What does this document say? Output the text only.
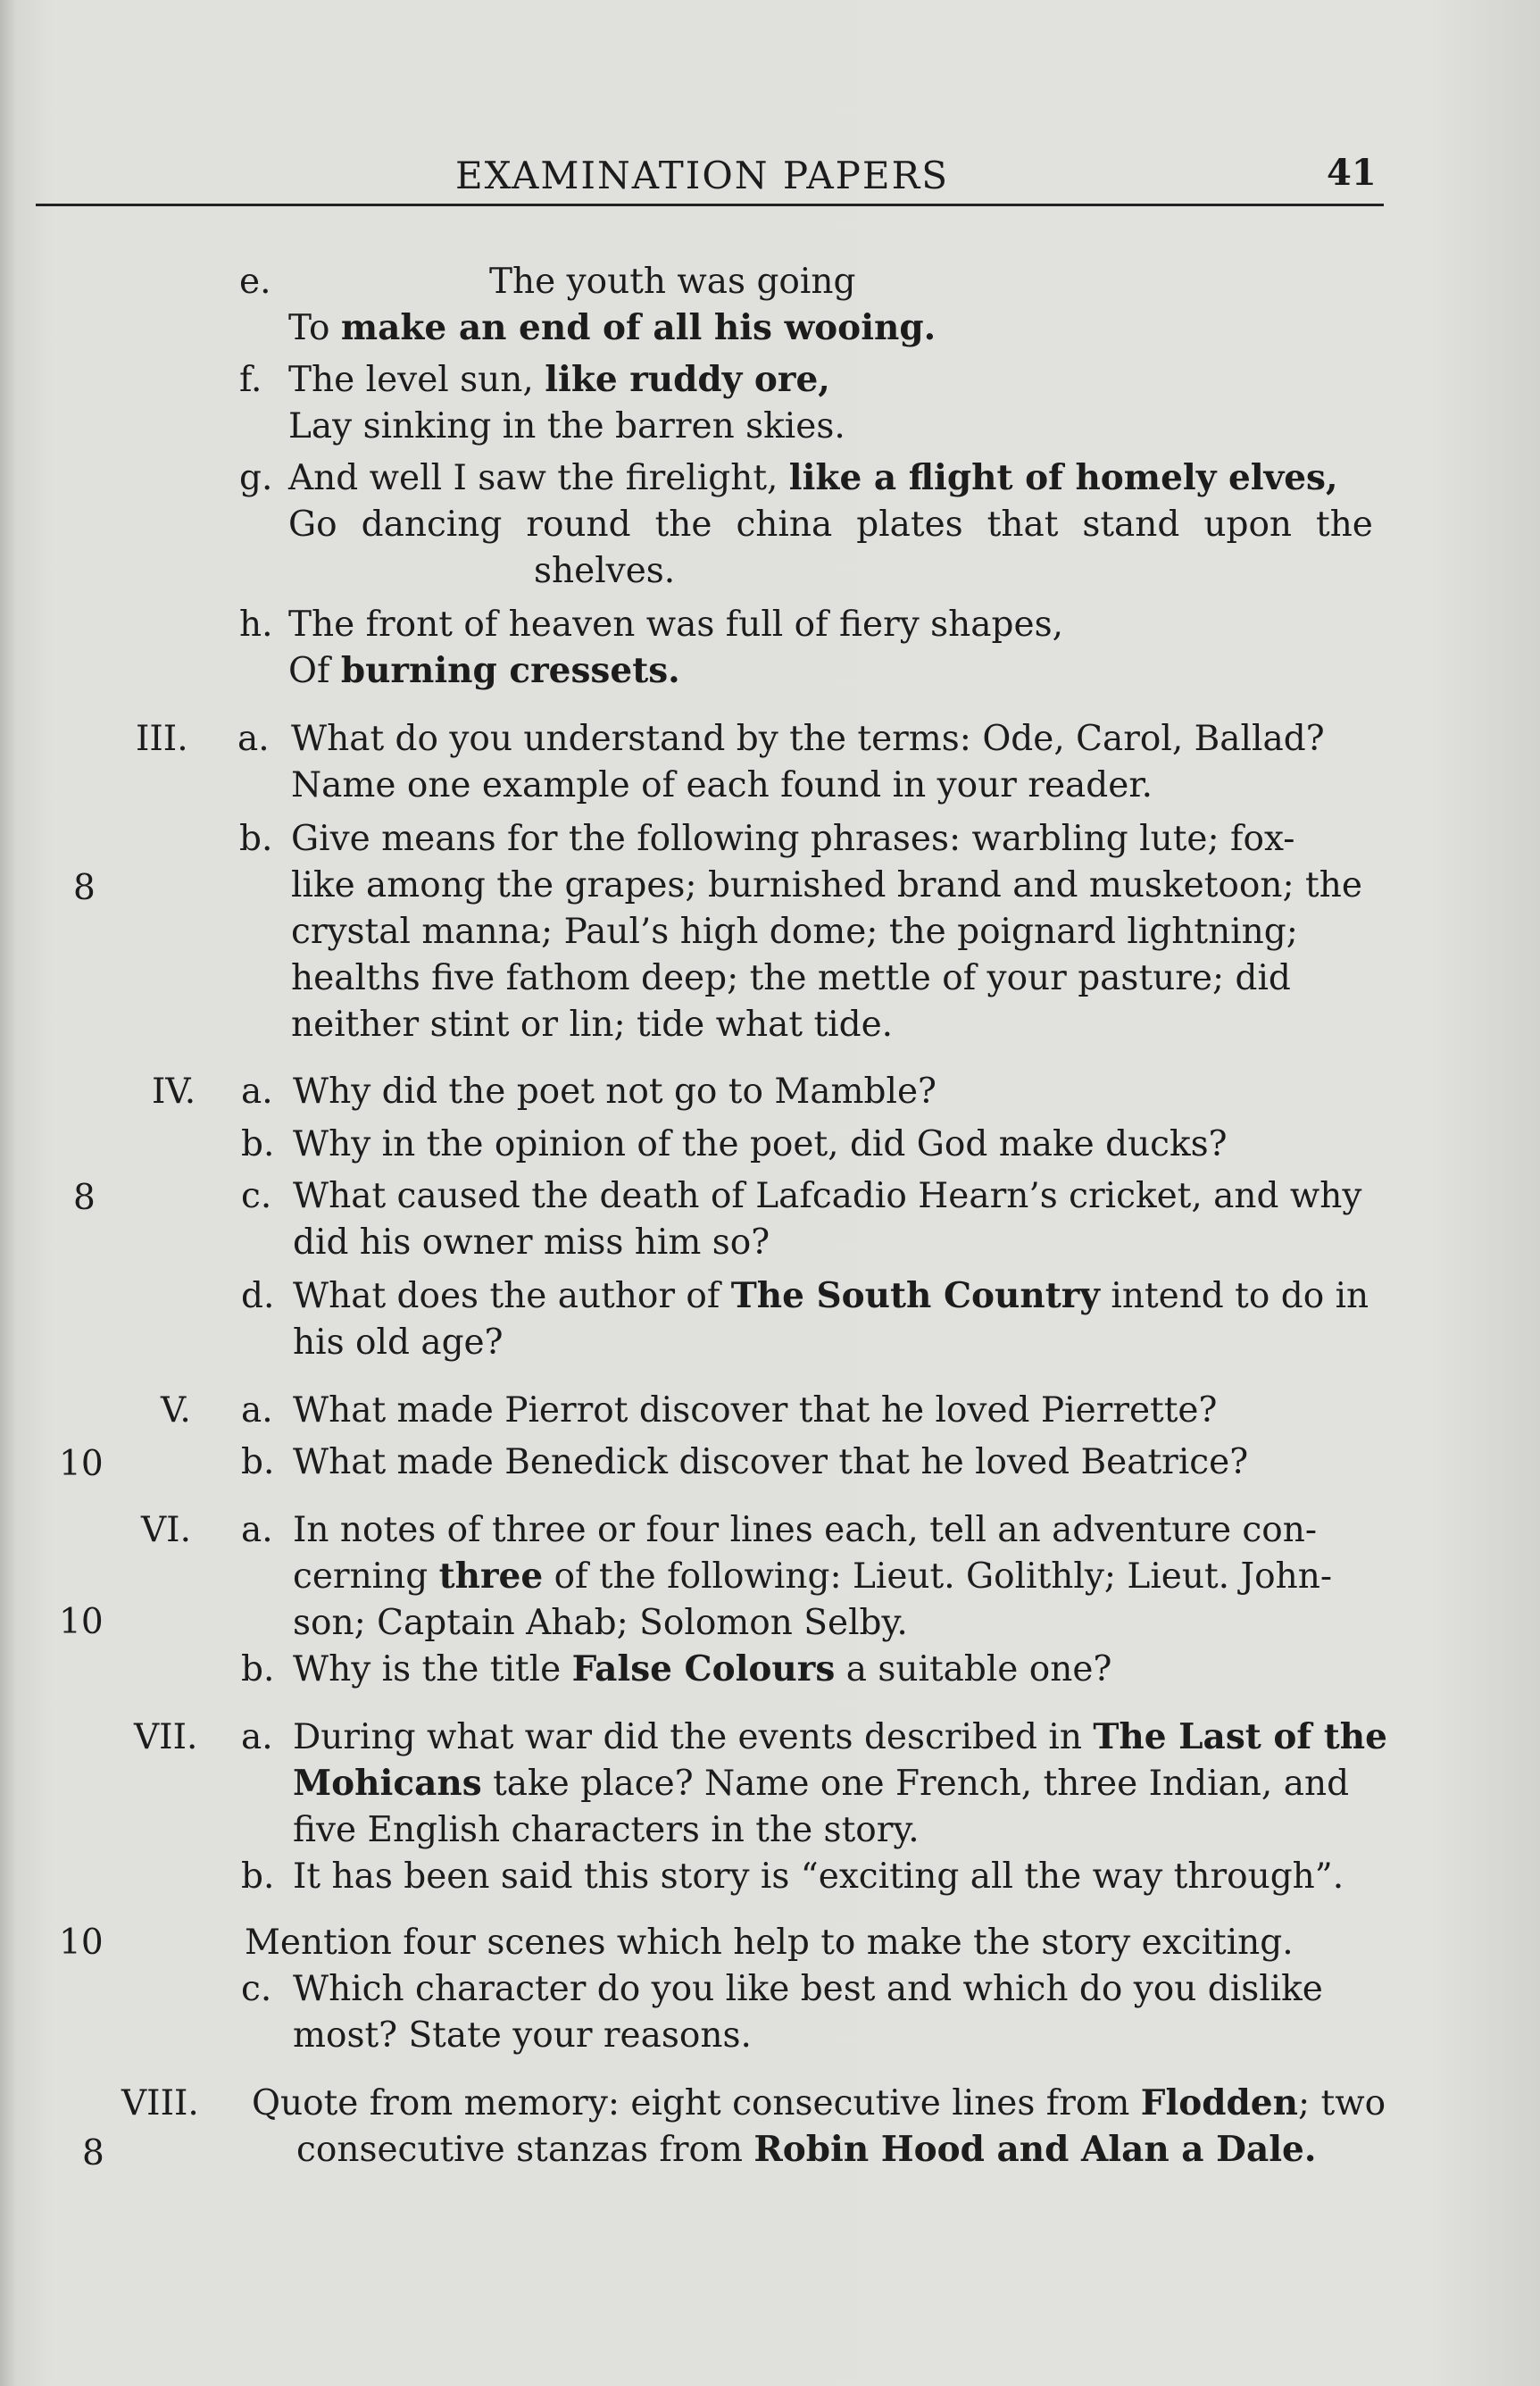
EXAMINATION PAPERS	41
e.	The youth was going
To make an end of all his wooing.
f. The level sun, like ruddy ore,
Lay sinking in the barren skies.
g. And well I saw the firelight, like a flight of homely elves,
Go dancing round the china plates that stand upon the
shelves.
h. The front of heaven was full of fiery shapes,
Of burning cressets.
III.
8
a. What do you understand by the terms: Ode, Carol, Ballad?
Name one example of each found in your reader.
b. Give means for the following phrases: warbling lute; fox-
like among the grapes; burnished brand and musketoon; the
crystal manna; Paul’s high dome; the poignard lightning;
healths five fathom deep; the mettle of your pasture; did
neither stint or lin; tide what tide.
IV.
8
a. Why did the poet not go to Mamble?
b. Why in the opinion of the poet, did God make ducks?
c. What caused the death of Lafcadio Hearn’s cricket, and why
did his owner miss him so?
d. What does the author of The South Country intend to do in
his old age?
V.
10
a. What made Pierrot discover that he loved Pierrette?
b. What made Benedick discover that he loved Beatrice?
VI.
10
a. In notes of three or four lines each, tell an adventure con-
cerning three of the following: Lieut. Golithly; Lieut. John-
son; Captain Ahab; Solomon Selby.
b. Why is the title False Colours a suitable one?
VII.
10
a. During what war did the events described in The Last of the
Mohicans take place? Name one French, three Indian, and
five English characters in the story.
b. It has been said this story is “exciting all the way through”.
Mention four scenes which help to make the story exciting.
c. Which character do you like best and which do you dislike
most? State your reasons.
VIII.
8
Quote from memory: eight consecutive lines from Flodden; two
consecutive stanzas from Robin Hood and Alan a Dale.
